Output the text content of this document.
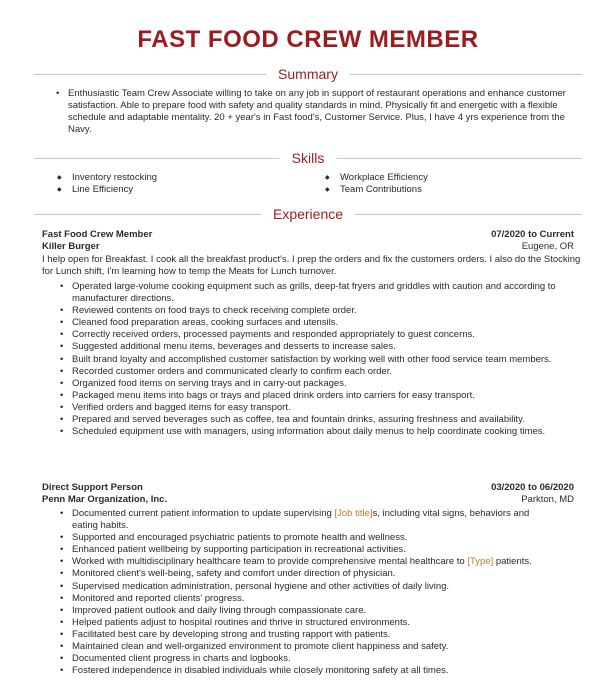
FAST FOOD CREW MEMBER
Summary
• Enthusiastic Team Crew Associate willing to take on any job in support of restaurant operations and enhance customer satisfaction. Able to prepare food with safety and quality standards in mind. Physically fit and energetic with a flexible schedule and adaptable mentality. 20 + year's in Fast food's, Customer Service. Plus, I have 4 yrs experience from the Navy.
Skills
◆ Inventory restocking
◆ Line Efficiency
◆ Workplace Efficiency
◆ Team Contributions
Experience
Fast Food Crew Member	07/2020 to Current
Killer Burger	Eugene, OR
I help open for Breakfast. I cook all the breakfast product's. I prep the orders and fix the customers orders. I also do the Stocking for Lunch shift, I'm learning how to temp the Meats for Lunch turnover.
• Operated large-volume cooking equipment such as grills, deep-fat fryers and griddles with caution and according to manufacturer directions.
• Reviewed contents on food trays to check receiving complete order.
• Cleaned food preparation areas, cooking surfaces and utensils.
• Correctly received orders, processed payments and responded appropriately to guest concerns.
• Suggested additional menu items, beverages and desserts to increase sales.
• Built brand loyalty and accomplished customer satisfaction by working well with other food service team members.
• Recorded customer orders and communicated clearly to confirm each order.
• Organized food items on serving trays and in carry-out packages.
• Packaged menu items into bags or trays and placed drink orders into carriers for easy transport.
• Verified orders and bagged items for easy transport.
• Prepared and served beverages such as coffee, tea and fountain drinks, assuring freshness and availability.
• Scheduled equipment use with managers, using information about daily menus to help coordinate cooking times.
Direct Support Person	03/2020 to 06/2020
Penn Mar Organization, Inc.	Parkton, MD
• Documented current patient information to update supervising [Job title]s, including vital signs, behaviors and eating habits.
• Supported and encouraged psychiatric patients to promote health and wellness.
• Enhanced patient wellbeing by supporting participation in recreational activities.
• Worked with multidisciplinary healthcare team to provide comprehensive mental healthcare to [Type] patients.
• Monitored client's well-being, safety and comfort under direction of physician.
• Supervised medication administration, personal hygiene and other activities of daily living.
• Monitored and reported clients' progress.
• Improved patient outlook and daily living through compassionate care.
• Helped patients adjust to hospital routines and thrive in structured environments.
• Facilitated best care by developing strong and trusting rapport with patients.
• Maintained clean and well-organized environment to promote client happiness and safety.
• Documented client progress in charts and logbooks.
• Fostered independence in disabled individuals while closely monitoring safety at all times.
